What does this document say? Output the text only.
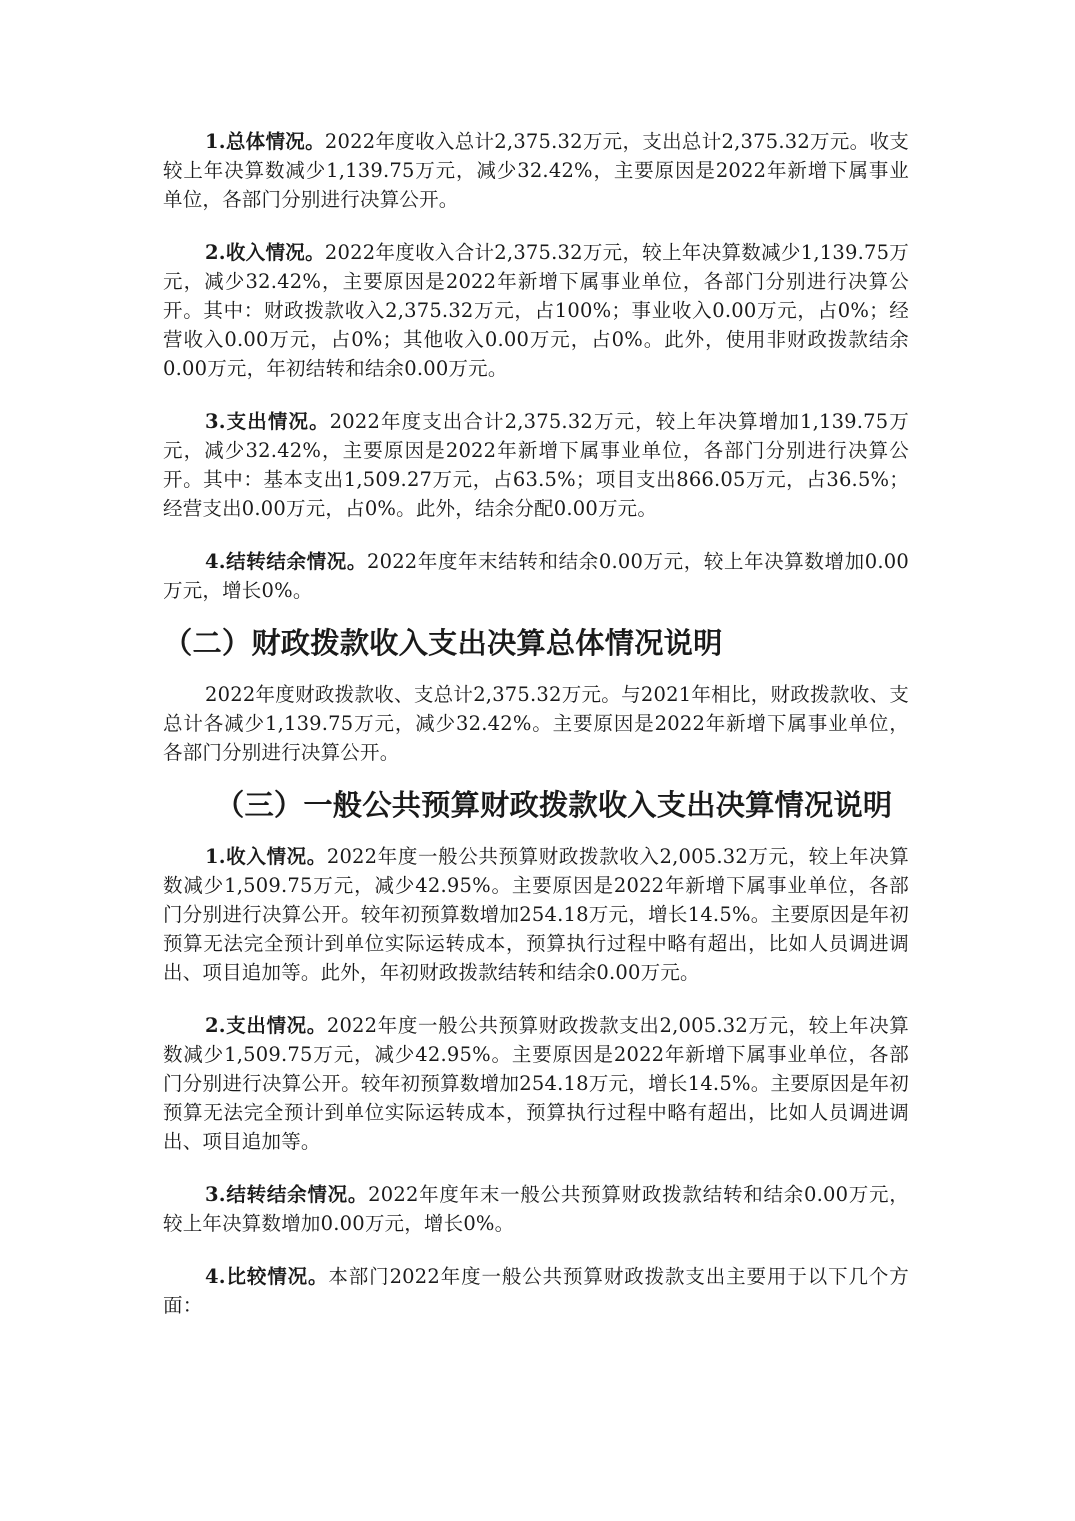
1.总体情况。2022年度收入总计2,375.32万元，支出总计2,375.32万元。收支较上年决算数减少1,139.75万元，减少32.42%，主要原因是2022年新增下属事业单位，各部门分别进行决算公开。

2.收入情况。2022年度收入合计2,375.32万元，较上年决算数减少1,139.75万元，减少32.42%，主要原因是2022年新增下属事业单位，各部门分别进行决算公开。其中：财政拨款收入2,375.32万元，占100%；事业收入0.00万元，占0%；经营收入0.00万元，占0%；其他收入0.00万元，占0%。此外，使用非财政拨款结余0.00万元，年初结转和结余0.00万元。

3.支出情况。2022年度支出合计2,375.32万元，较上年决算增加1,139.75万元，减少32.42%，主要原因是2022年新增下属事业单位，各部门分别进行决算公开。其中：基本支出1,509.27万元，占63.5%；项目支出866.05万元，占36.5%；经营支出0.00万元，占0%。此外，结余分配0.00万元。

4.结转结余情况。2022年度年末结转和结余0.00万元，较上年决算数增加0.00万元，增长0%。

（二）财政拨款收入支出决算总体情况说明

2022年度财政拨款收、支总计2,375.32万元。与2021年相比，财政拨款收、支总计各减少1,139.75万元，减少32.42%。主要原因是2022年新增下属事业单位，各部门分别进行决算公开。

（三）一般公共预算财政拨款收入支出决算情况说明

1.收入情况。2022年度一般公共预算财政拨款收入2,005.32万元，较上年决算数减少1,509.75万元，减少42.95%。主要原因是2022年新增下属事业单位，各部门分别进行决算公开。较年初预算数增加254.18万元，增长14.5%。主要原因是年初预算无法完全预计到单位实际运转成本，预算执行过程中略有超出，比如人员调进调出、项目追加等。此外，年初财政拨款结转和结余0.00万元。

2.支出情况。2022年度一般公共预算财政拨款支出2,005.32万元，较上年决算数减少1,509.75万元，减少42.95%。主要原因是2022年新增下属事业单位，各部门分别进行决算公开。较年初预算数增加254.18万元，增长14.5%。主要原因是年初预算无法完全预计到单位实际运转成本，预算执行过程中略有超出，比如人员调进调出、项目追加等。

3.结转结余情况。2022年度年末一般公共预算财政拨款结转和结余0.00万元，较上年决算数增加0.00万元，增长0%。

4.比较情况。本部门2022年度一般公共预算财政拨款支出主要用于以下几个方面：
